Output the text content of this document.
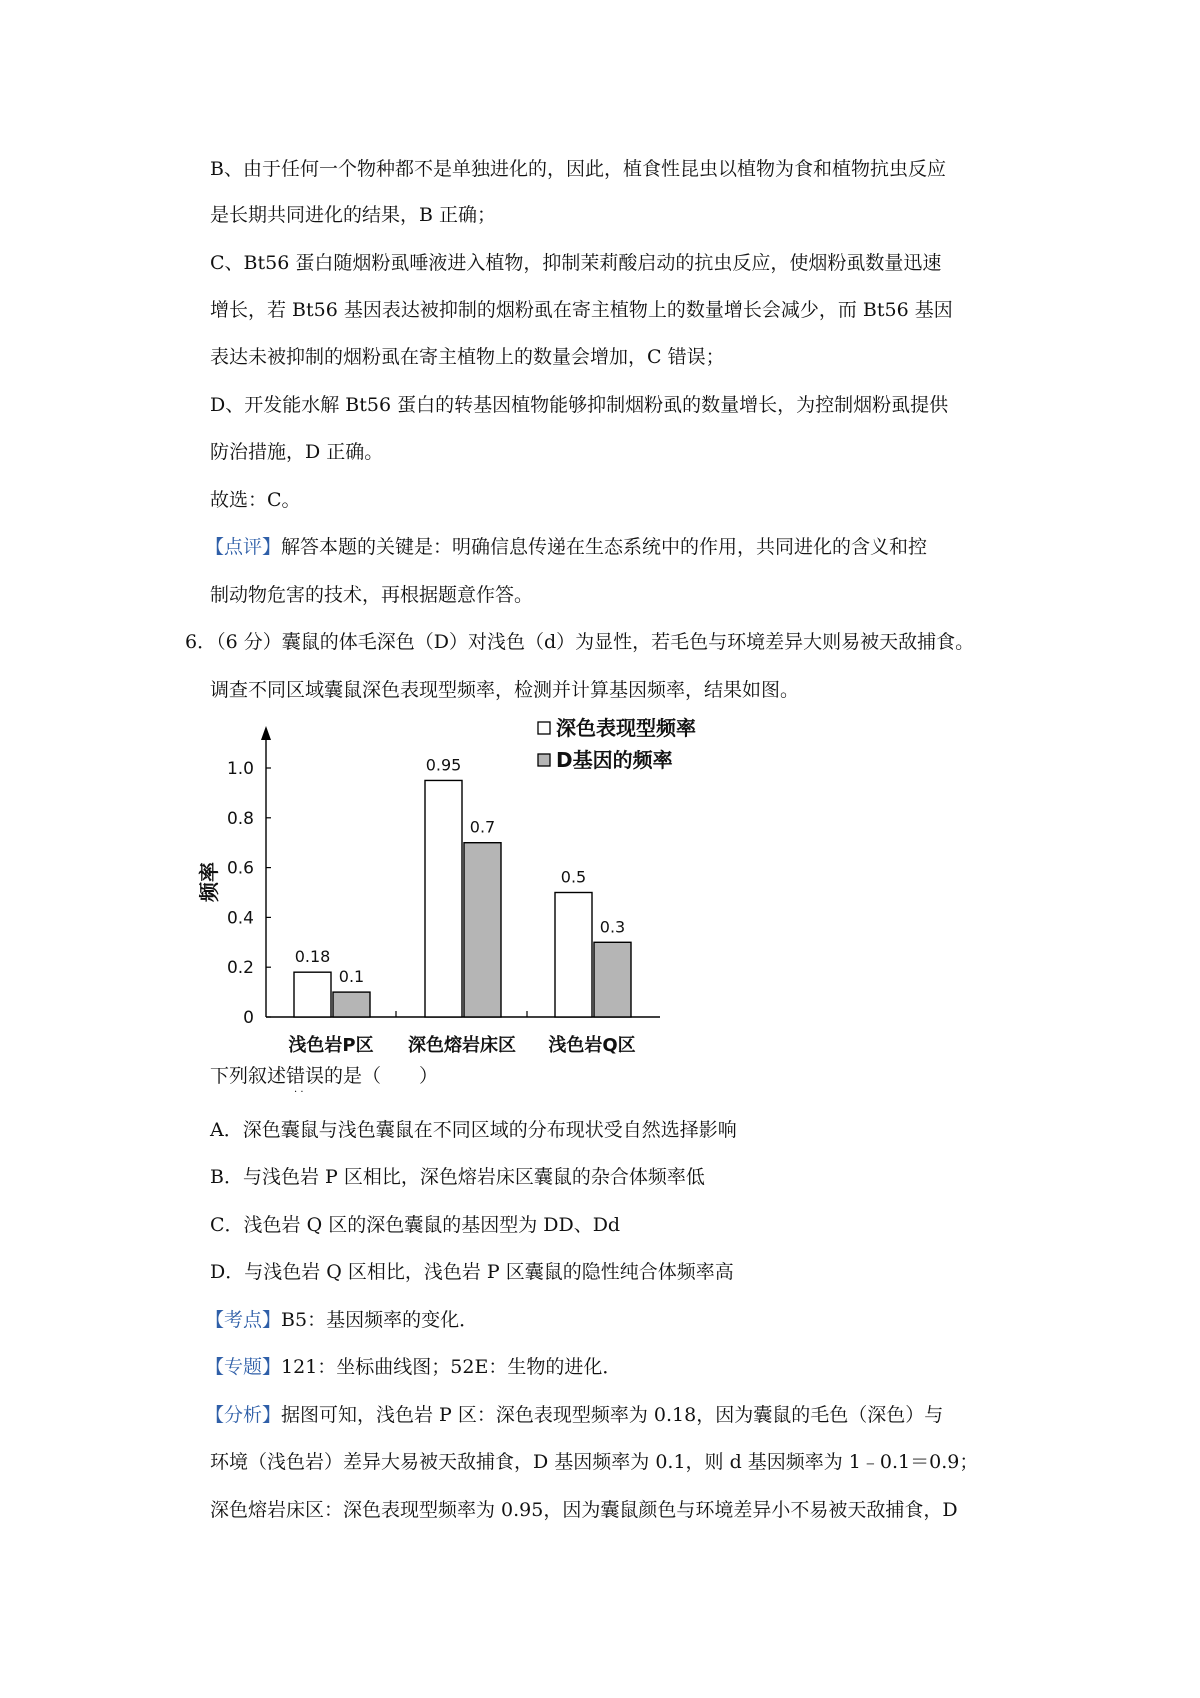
B、由于任何一个物种都不是单独进化的，因此，植食性昆虫以植物为食和植物抗虫反应
是长期共同进化的结果，B 正确；
C、Bt56 蛋白随烟粉虱唾液进入植物，抑制茉莉酸启动的抗虫反应，使烟粉虱数量迅速
增长，若 Bt56 基因表达被抑制的烟粉虱在寄主植物上的数量增长会减少，而 Bt56 基因
表达未被抑制的烟粉虱在寄主植物上的数量会增加，C 错误；
D、开发能水解 Bt56 蛋白的转基因植物能够抑制烟粉虱的数量增长，为控制烟粉虱提供
防治措施，D 正确。
故选：C。
【点评】解答本题的关键是：明确信息传递在生态系统中的作用，共同进化的含义和控
制动物危害的技术，再根据题意作答。
6．（6 分）囊鼠的体毛深色（D）对浅色（d）为显性，若毛色与环境差异大则易被天敌捕食。
调查不同区域囊鼠深色表现型频率，检测并计算基因频率，结果如图。
0
0.2
0.4
0.6
0.8
1.0
频率
0.18
0.1
浅色岩P区
0.95
0.7
深色熔岩床区
0.5
0.3
浅色岩Q区
深色表现型频率
D基因的频率
下列叙述错误的是（　　）
· ·
A．深色囊鼠与浅色囊鼠在不同区域的分布现状受自然选择影响
B．与浅色岩 P 区相比，深色熔岩床区囊鼠的杂合体频率低
C．浅色岩 Q 区的深色囊鼠的基因型为 DD、Dd
D．与浅色岩 Q 区相比，浅色岩 P 区囊鼠的隐性纯合体频率高
【考点】B5：基因频率的变化．
【专题】121：坐标曲线图；52E：生物的进化．
【分析】据图可知，浅色岩 P 区：深色表现型频率为 0.18，因为囊鼠的毛色（深色）与
环境（浅色岩）差异大易被天敌捕食，D 基因频率为 0.1，则 d 基因频率为 1﹣0.1＝0.9；
深色熔岩床区：深色表现型频率为 0.95，因为囊鼠颜色与环境差异小不易被天敌捕食，D
